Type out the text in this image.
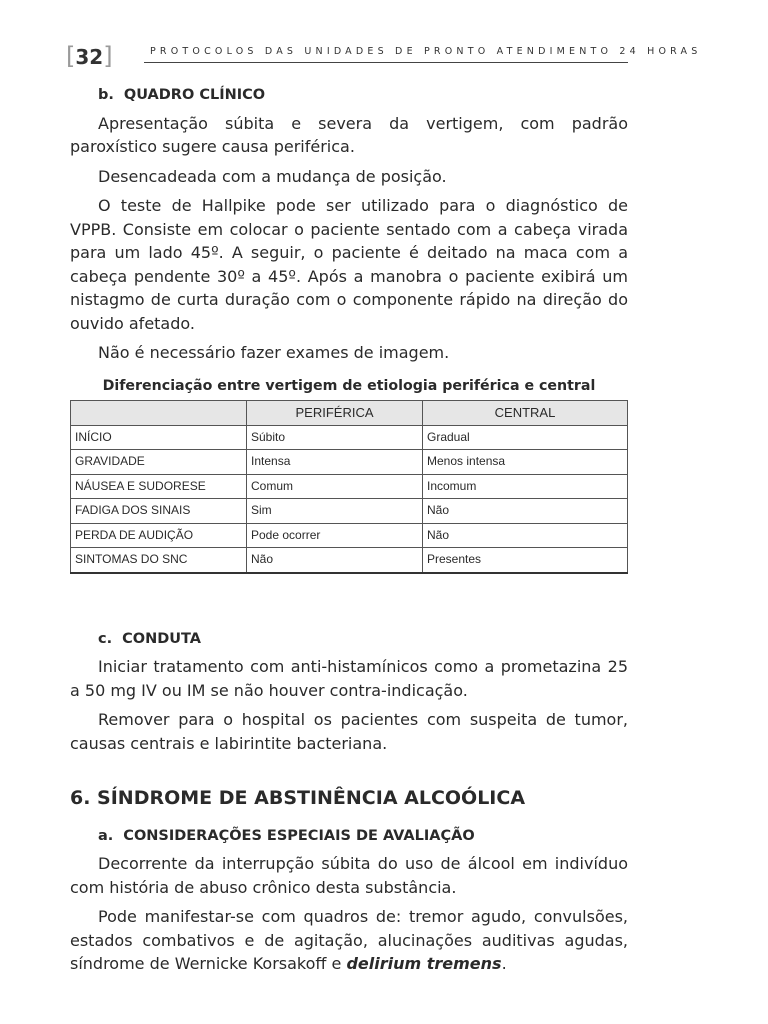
[32]	PROTOCOLOS DAS UNIDADES DE PRONTO ATENDIMENTO 24 HORAS
b. QUADRO CLÍNICO

Apresentação súbita e severa da vertigem, com padrão paroxístico sugere causa periférica.

Desencadeada com a mudança de posição.

O teste de Hallpike pode ser utilizado para o diagnóstico de VPPB. Consiste em colocar o paciente sentado com a cabeça virada para um lado 45º. A seguir, o paciente é deitado na maca com a cabeça pendente 30º a 45º. Após a manobra o paciente exibirá um nistagmo de curta duração com o componente rápido na direção do ouvido afetado.

Não é necessário fazer exames de imagem.

Diferenciação entre vertigem de etiologia periférica e central
	PERIFÉRICA	CENTRAL
INÍCIO	Súbito	Gradual
GRAVIDADE	Intensa	Menos intensa
NÁUSEA E SUDORESE	Comum	Incomum
FADIGA DOS SINAIS	Sim	Não
PERDA DE AUDIÇÃO	Pode ocorrer	Não
SINTOMAS DO SNC	Não	Presentes
c. CONDUTA

Iniciar tratamento com anti-histamínicos como a prometazina 25 a 50 mg IV ou IM se não houver contra-indicação.

Remover para o hospital os pacientes com suspeita de tumor, causas centrais e labirintite bacteriana.

6. SÍNDROME DE ABSTINÊNCIA ALCOÓLICA
a. CONSIDERAÇÕES ESPECIAIS DE AVALIAÇÃO

Decorrente da interrupção súbita do uso de álcool em indivíduo com história de abuso crônico desta substância.

Pode manifestar-se com quadros de: tremor agudo, convulsões, estados combativos e de agitação, alucinações auditivas agudas, síndrome de Wernicke Korsakoff e delirium tremens.
